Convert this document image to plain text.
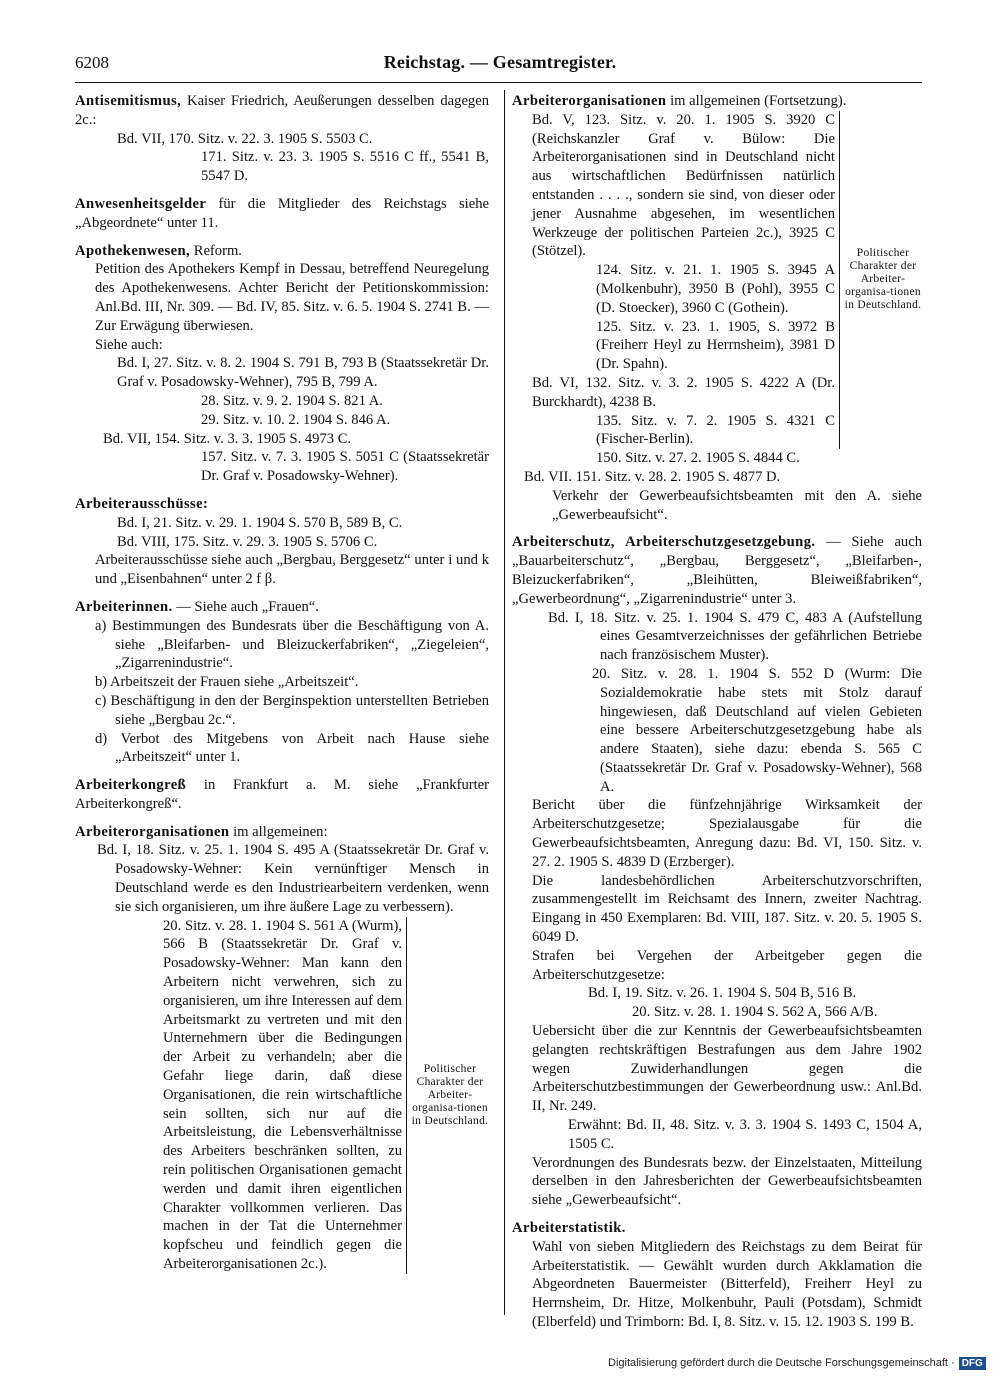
6208	Reichstag. — Gesamtregister.

Antisemitismus, Kaiser Friedrich, Aeußerungen desselben dagegen 2c.:

Bd. VII, 170. Sitz. v. 22. 3. 1905 S. 5503 C.

171. Sitz. v. 23. 3. 1905 S. 5516 C ff., 5541 B, 5547 D.

Anwesenheitsgelder für die Mitglieder des Reichstags siehe „Abgeordnete“ unter 11.

Apothekenwesen, Reform.

Petition des Apothekers Kempf in Dessau, betreffend Neuregelung des Apothekenwesens. Achter Bericht der Petitionskommission: Anl.Bd. III, Nr. 309. — Bd. IV, 85. Sitz. v. 6. 5. 1904 S. 2741 B. — Zur Erwägung überwiesen.

Siehe auch:

Bd. I, 27. Sitz. v. 8. 2. 1904 S. 791 B, 793 B (Staatssekretär Dr. Graf v. Posadowsky-Wehner), 795 B, 799 A.

28. Sitz. v. 9. 2. 1904 S. 821 A.

29. Sitz. v. 10. 2. 1904 S. 846 A.

Bd. VII, 154. Sitz. v. 3. 3. 1905 S. 4973 C.

157. Sitz. v. 7. 3. 1905 S. 5051 C (Staatssekretär Dr. Graf v. Posadowsky-Wehner).

Arbeiterausschüsse:

Bd. I, 21. Sitz. v. 29. 1. 1904 S. 570 B, 589 B, C.

Bd. VIII, 175. Sitz. v. 29. 3. 1905 S. 5706 C.

Arbeiterausschüsse siehe auch „Bergbau, Berggesetz“ unter i und k und „Eisenbahnen“ unter 2 f β.

Arbeiterinnen. — Siehe auch „Frauen“.

a) Bestimmungen des Bundesrats über die Beschäftigung von A. siehe „Bleifarben- und Bleizuckerfabriken“, „Ziegeleien“, „Zigarrenindustrie“.

b) Arbeitszeit der Frauen siehe „Arbeitszeit“.

c) Beschäftigung in den der Berginspektion unterstellten Betrieben siehe „Bergbau 2c.“.

d) Verbot des Mitgebens von Arbeit nach Hause siehe „Arbeitszeit“ unter 1.

Arbeiterkongreß in Frankfurt a. M. siehe „Frankfurter Arbeiterkongreß“.

Arbeiterorganisationen im allgemeinen:

Bd. I, 18. Sitz. v. 25. 1. 1904 S. 495 A (Staatssekretär Dr. Graf v. Posadowsky-Wehner: Kein vernünftiger Mensch in Deutschland werde es den Industriearbeitern verdenken, wenn sie sich organisieren, um ihre äußere Lage zu verbessern).

20. Sitz. v. 28. 1. 1904 S. 561 A (Wurm), 566 B (Staatssekretär Dr. Graf v. Posadowsky-Wehner: Man kann den Arbeitern nicht verwehren, sich zu organisieren, um ihre Interessen auf dem Arbeitsmarkt zu vertreten und mit den Unternehmern über die Bedingungen der Arbeit zu verhandeln; aber die Gefahr liege darin, daß diese Organisationen, die rein wirtschaftliche sein sollten, sich nur auf die Arbeitsleistung, die Lebensverhältnisse des Arbeiters beschränken sollten, zu rein politischen Organisationen gemacht werden und damit ihren eigentlichen Charakter vollkommen verlieren. Das machen in der Tat die Unternehmer kopfscheu und feindlich gegen die Arbeiterorganisationen 2c.).

Politischer Charakter der Arbeiter-organisa-tionen in Deutschland.

Arbeiterorganisationen im allgemeinen (Fortsetzung).

Bd. V, 123. Sitz. v. 20. 1. 1905 S. 3920 C (Reichskanzler Graf v. Bülow: Die Arbeiterorganisationen sind in Deutschland nicht aus wirtschaftlichen Bedürfnissen natürlich entstanden . . . ., sondern sie sind, von dieser oder jener Ausnahme abgesehen, im wesentlichen Werkzeuge der politischen Parteien 2c.), 3925 C (Stötzel).

124. Sitz. v. 21. 1. 1905 S. 3945 A (Molkenbuhr), 3950 B (Pohl), 3955 C (D. Stoecker), 3960 C (Gothein).

125. Sitz. v. 23. 1. 1905, S. 3972 B (Freiherr Heyl zu Herrnsheim), 3981 D (Dr. Spahn).

Bd. VI, 132. Sitz. v. 3. 2. 1905 S. 4222 A (Dr. Burckhardt), 4238 B.

135. Sitz. v. 7. 2. 1905 S. 4321 C (Fischer-Berlin).

Politischer Charakter der Arbeiter-organisa-tionen in Deutschland.

150. Sitz. v. 27. 2. 1905 S. 4844 C.

Bd. VII. 151. Sitz. v. 28. 2. 1905 S. 4877 D.

Verkehr der Gewerbeaufsichtsbeamten mit den A. siehe „Gewerbeaufsicht“.

Arbeiterschutz, Arbeiterschutzgesetzgebung. — Siehe auch „Bauarbeiterschutz“, „Bergbau, Berggesetz“, „Bleifarben-, Bleizuckerfabriken“, „Bleihütten, Bleiweißfabriken“, „Gewerbeordnung“, „Zigarrenindustrie“ unter 3.

Bd. I, 18. Sitz. v. 25. 1. 1904 S. 479 C, 483 A (Aufstellung eines Gesamtverzeichnisses der gefährlichen Betriebe nach französischem Muster).

20. Sitz. v. 28. 1. 1904 S. 552 D (Wurm: Die Sozialdemokratie habe stets mit Stolz darauf hingewiesen, daß Deutschland auf vielen Gebieten eine bessere Arbeiterschutzgesetzgebung habe als andere Staaten), siehe dazu: ebenda S. 565 C (Staatssekretär Dr. Graf v. Posadowsky-Wehner), 568 A.

Bericht über die fünfzehnjährige Wirksamkeit der Arbeiterschutzgesetze; Spezialausgabe für die Gewerbeaufsichtsbeamten, Anregung dazu: Bd. VI, 150. Sitz. v. 27. 2. 1905 S. 4839 D (Erzberger).

Die landesbehördlichen Arbeiterschutzvorschriften, zusammengestellt im Reichsamt des Innern, zweiter Nachtrag. Eingang in 450 Exemplaren: Bd. VIII, 187. Sitz. v. 20. 5. 1905 S. 6049 D.

Strafen bei Vergehen der Arbeitgeber gegen die Arbeiterschutzgesetze:

Bd. I, 19. Sitz. v. 26. 1. 1904 S. 504 B, 516 B.

20. Sitz. v. 28. 1. 1904 S. 562 A, 566 A/B.

Uebersicht über die zur Kenntnis der Gewerbeaufsichtsbeamten gelangten rechtskräftigen Bestrafungen aus dem Jahre 1902 wegen Zuwiderhandlungen gegen die Arbeiterschutzbestimmungen der Gewerbeordnung usw.: Anl.Bd. II, Nr. 249.

Erwähnt: Bd. II, 48. Sitz. v. 3. 3. 1904 S. 1493 C, 1504 A, 1505 C.

Verordnungen des Bundesrats bezw. der Einzelstaaten, Mitteilung derselben in den Jahresberichten der Gewerbeaufsichtsbeamten siehe „Gewerbeaufsicht“.

Arbeiterstatistik.

Wahl von sieben Mitgliedern des Reichstags zu dem Beirat für Arbeiterstatistik. — Gewählt wurden durch Akklamation die Abgeordneten Bauermeister (Bitterfeld), Freiherr Heyl zu Herrnsheim, Dr. Hitze, Molkenbuhr, Pauli (Potsdam), Schmidt (Elberfeld) und Trimborn: Bd. I, 8. Sitz. v. 15. 12. 1903 S. 199 B.

Digitalisierung gefördert durch die Deutsche Forschungsgemeinschaft · DFG
